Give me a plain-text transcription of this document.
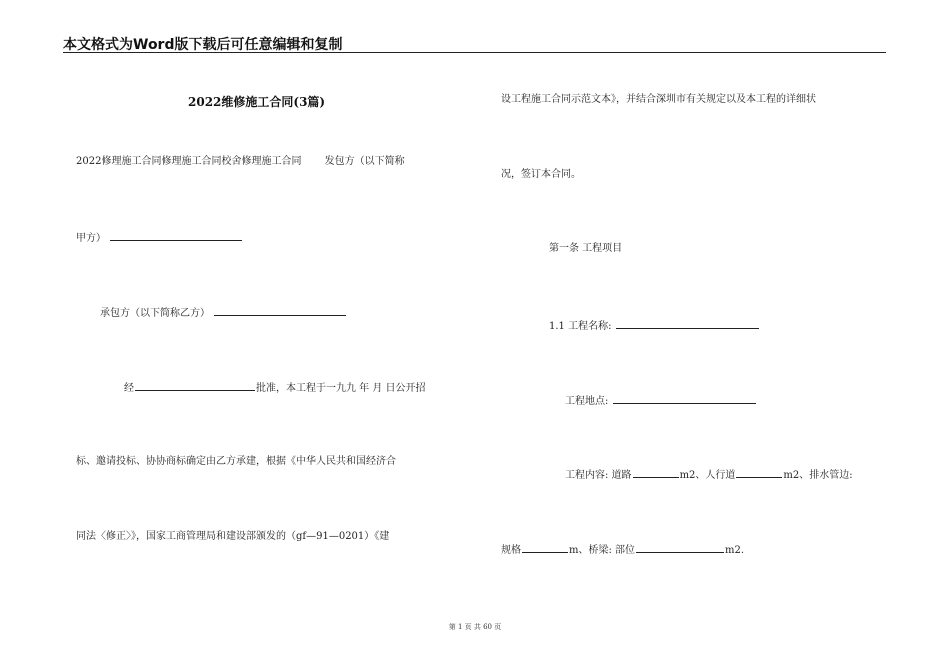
本文格式为Word版下载后可任意编辑和复制
2022维修施工合同(3篇)
2022修理施工合同修理施工合同校舍修理施工合同 　　发包方（以下简称
甲方）
承包方（以下简称乙方）
经	批准，本工程于一九九 年 月 日公开招
标、邀请投标、协协商标确定由乙方承建，根据《中华人民共和国经济合
同法〈修正〉》，国家工商管理局和建设部颁发的（gf—91—0201）《建
设工程施工合同示范文本》，并结合深圳市有关规定以及本工程的详细状
况，签订本合同。
第一条 工程项目
1.1 工程名称:
工程地点:
工程内容: 道路	m2、人行道	m2、排水管边:
规格	m、桥梁: 部位	m2.
第 1 页 共 60 页
